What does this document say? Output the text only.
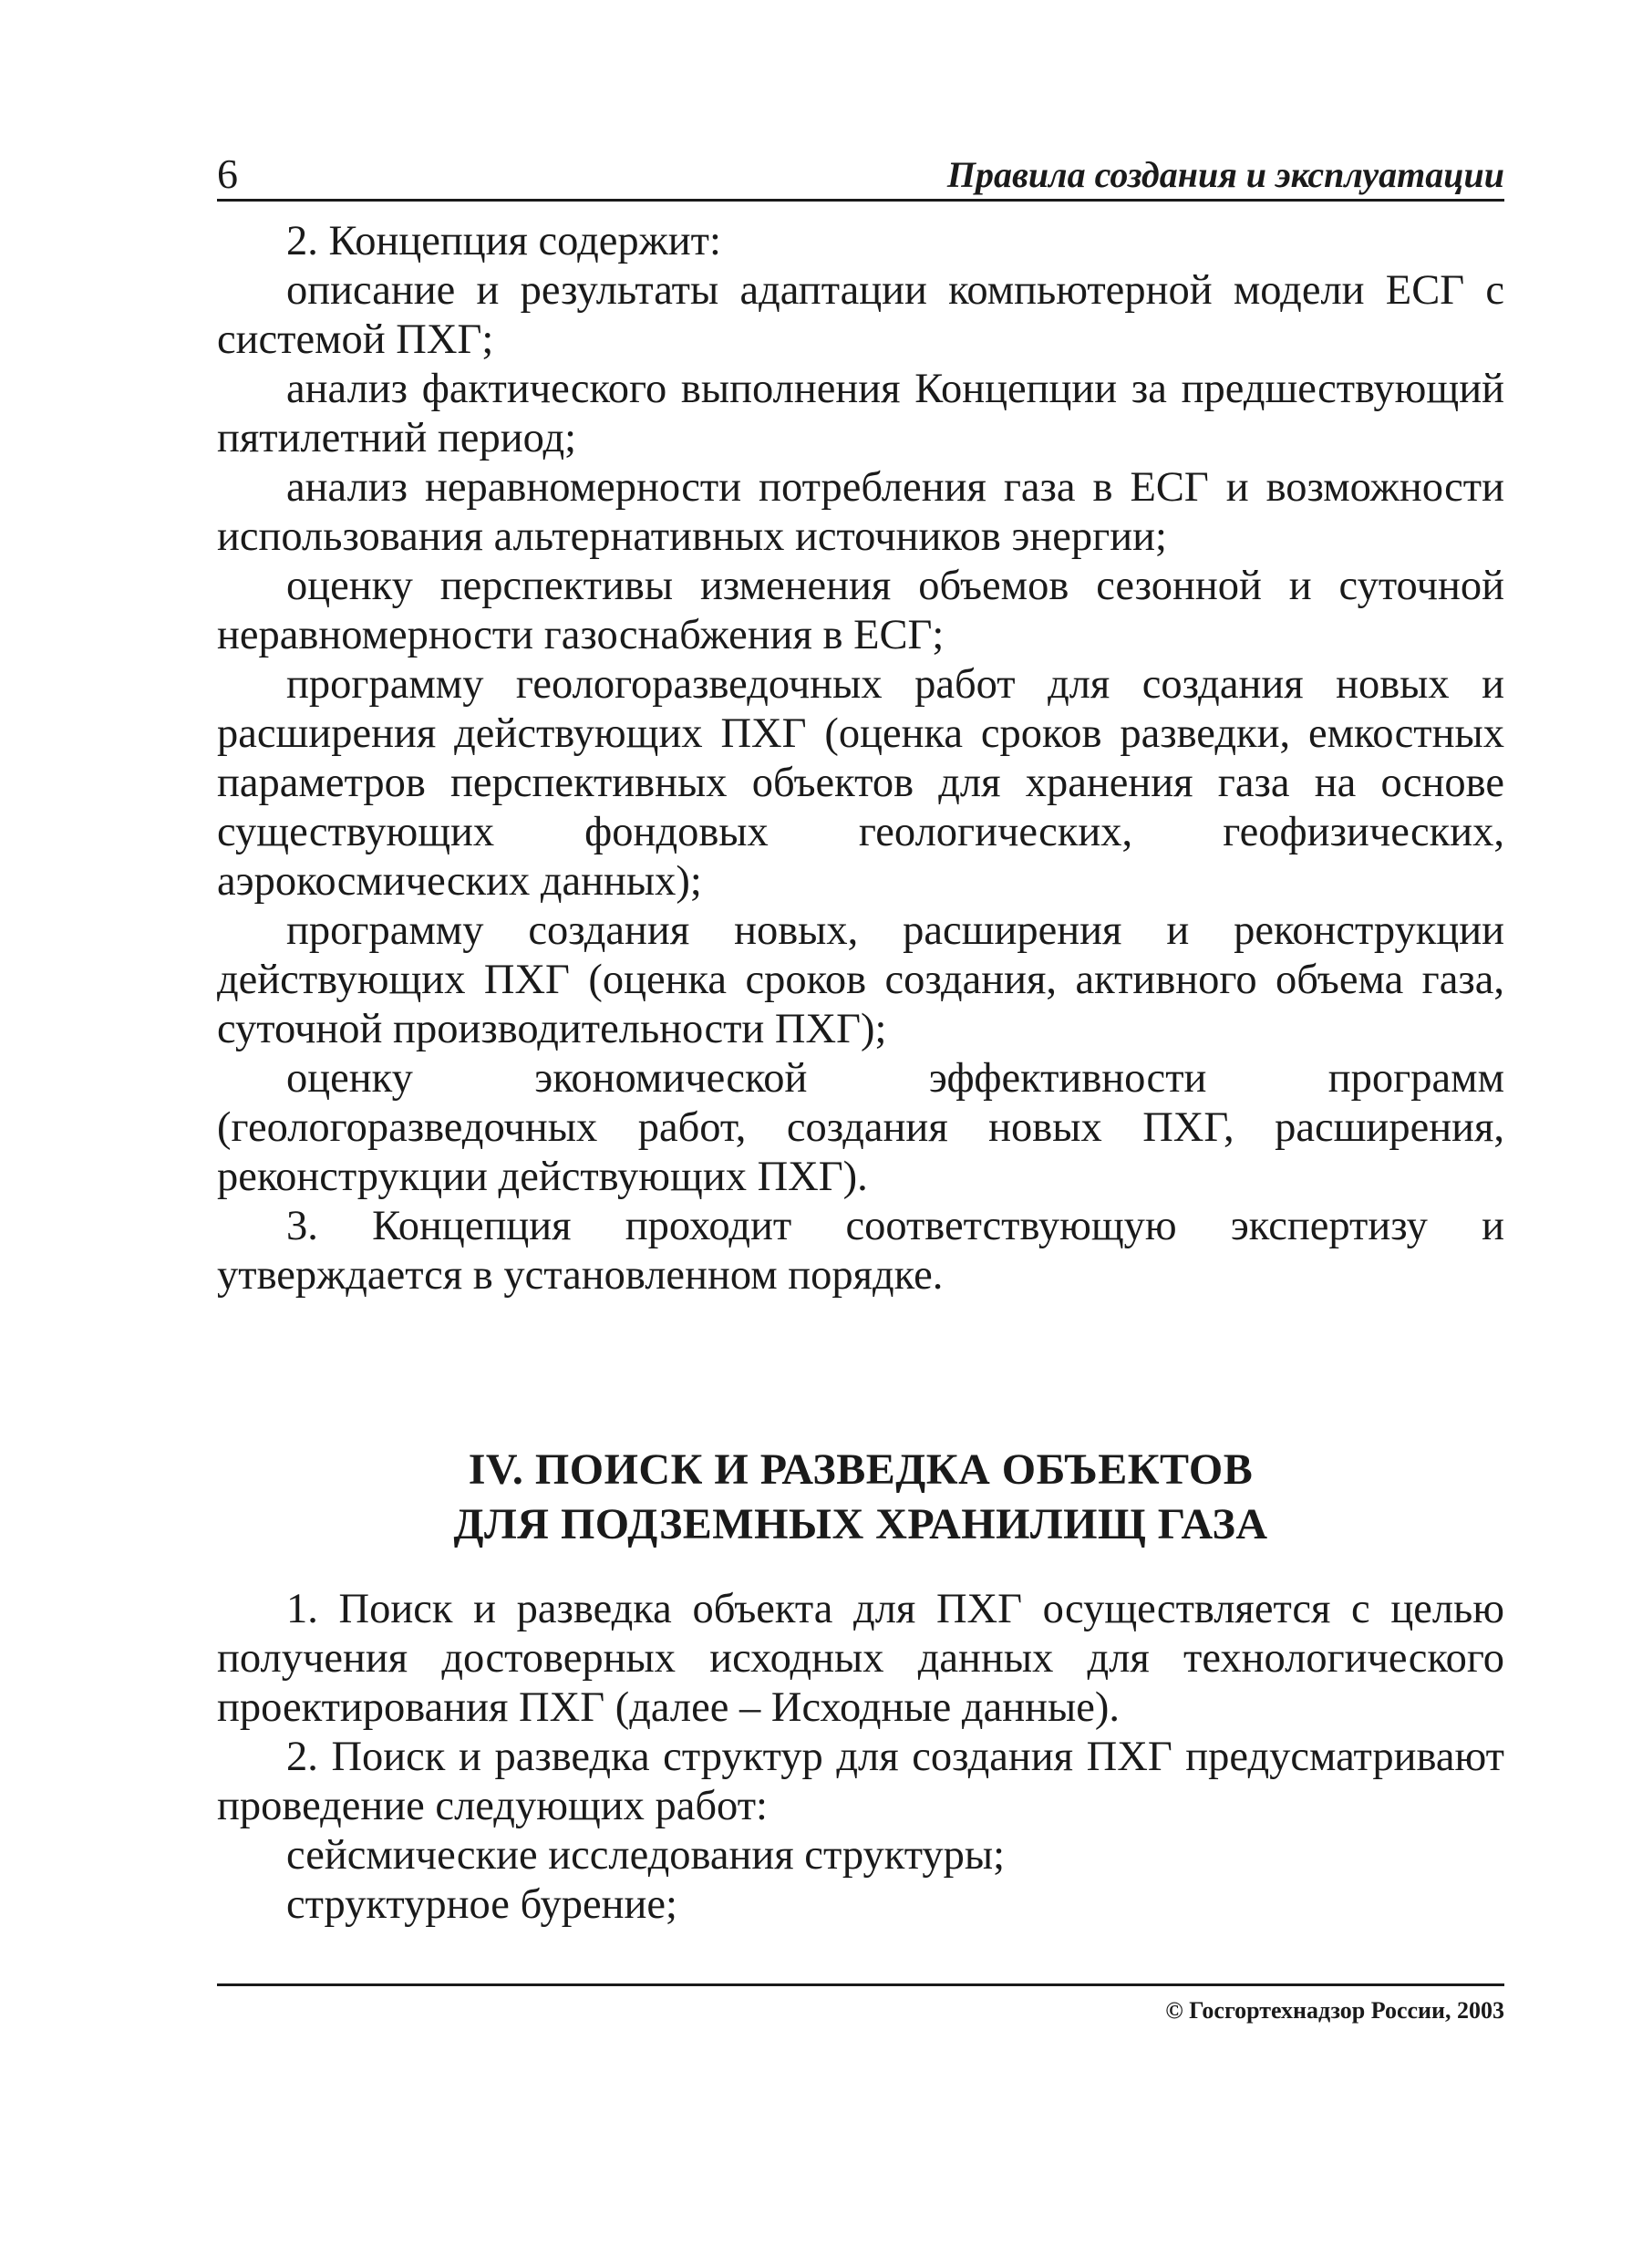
6	Правила создания и эксплуатации

2. Концепция содержит:

описание и результаты адаптации компьютерной модели ЕСГ с системой ПХГ;

анализ фактического выполнения Концепции за предшествующий пятилетний период;

анализ неравномерности потребления газа в ЕСГ и возможности использования альтернативных источников энергии;

оценку перспективы изменения объемов сезонной и суточной неравномерности газоснабжения в ЕСГ;

программу геологоразведочных работ для создания новых и расширения действующих ПХГ (оценка сроков разведки, емкостных параметров перспективных объектов для хранения газа на основе существующих фондовых геологических, геофизических, аэрокосмических данных);

программу создания новых, расширения и реконструкции действующих ПХГ (оценка сроков создания, активного объема газа, суточной производительности ПХГ);

оценку экономической эффективности программ (геологоразведочных работ, создания новых ПХГ, расширения, реконструкции действующих ПХГ).

3. Концепция проходит соответствующую экспертизу и утверждается в установленном порядке.

IV. ПОИСК И РАЗВЕДКА ОБЪЕКТОВ
ДЛЯ ПОДЗЕМНЫХ ХРАНИЛИЩ ГАЗА

1. Поиск и разведка объекта для ПХГ осуществляется с целью получения достоверных исходных данных для технологического проектирования ПХГ (далее – Исходные данные).

2. Поиск и разведка структур для создания ПХГ предусматривают проведение следующих работ:

сейсмические исследования структуры;

структурное бурение;

© Госгортехнадзор России, 2003
